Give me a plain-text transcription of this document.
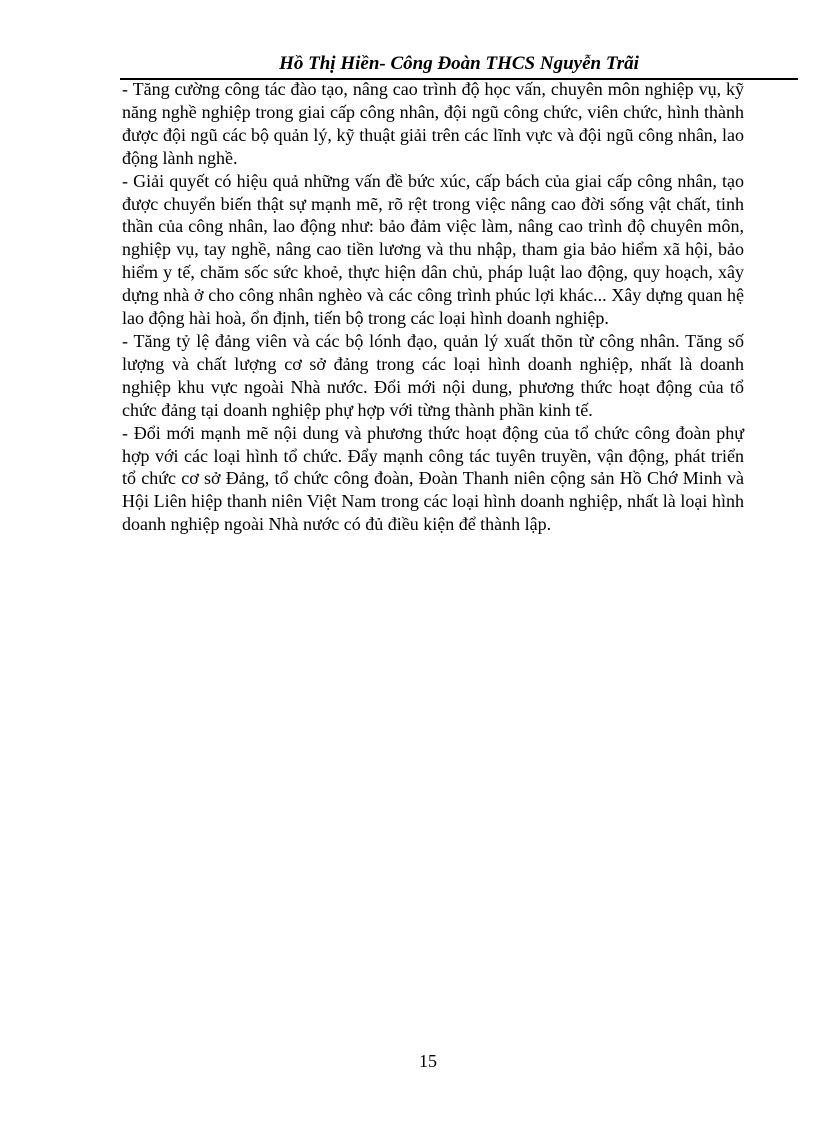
Hồ Thị Hiền- Công Đoàn THCS Nguyễn Trãi

- Tăng cường công tác đào tạo, nâng cao trình độ học vấn, chuyên môn nghiệp vụ, kỹ năng nghề nghiệp trong giai cấp công nhân, đội ngũ công chức, viên chức, hình thành được đội ngũ các bộ quản lý, kỹ thuật giải trên các lĩnh vực và đội ngũ công nhân, lao động lành nghề.

- Giải quyết có hiệu quả những vấn đề bức xúc, cấp bách của giai cấp công nhân, tạo được chuyển biến thật sự mạnh mẽ, rõ rệt trong việc nâng cao đời sống vật chất, tinh thần của công nhân, lao động như: bảo đảm việc làm, nâng cao trình độ chuyên môn, nghiệp vụ, tay nghề, nâng cao tiền lương và thu nhập, tham gia bảo hiểm xã hội, bảo hiểm y tế, chăm sốc sức khoẻ, thực hiện dân chủ, pháp luật lao động, quy hoạch, xây dựng nhà ở cho công nhân nghèo và các công trình phúc lợi khác... Xây dựng quan hệ lao động hài hoà, ổn định, tiến bộ trong các loại hình doanh nghiệp.

- Tăng tỷ lệ đảng viên và các bộ lónh đạo, quản lý xuất thõn từ công nhân. Tăng số lượng và chất lượng cơ sở đảng trong các loại hình doanh nghiệp, nhất là doanh nghiệp khu vực ngoài Nhà nước. Đổi mới nội dung, phương thức hoạt động của tổ chức đảng tại doanh nghiệp phự hợp với từng thành phần kinh tế.

- Đổi mới mạnh mẽ nội dung và phương thức hoạt động của tổ chức công đoàn phự hợp với các loại hình tổ chức. Đẩy mạnh công tác tuyên truyền, vận động, phát triển tổ chức cơ sở Đảng, tổ chức công đoàn, Đoàn Thanh niên cộng sản Hồ Chớ Minh và Hội Liên hiệp thanh niên Việt Nam trong các loại hình doanh nghiệp, nhất là loại hình doanh nghiệp ngoài Nhà nước có đủ điều kiện để thành lập.

15
